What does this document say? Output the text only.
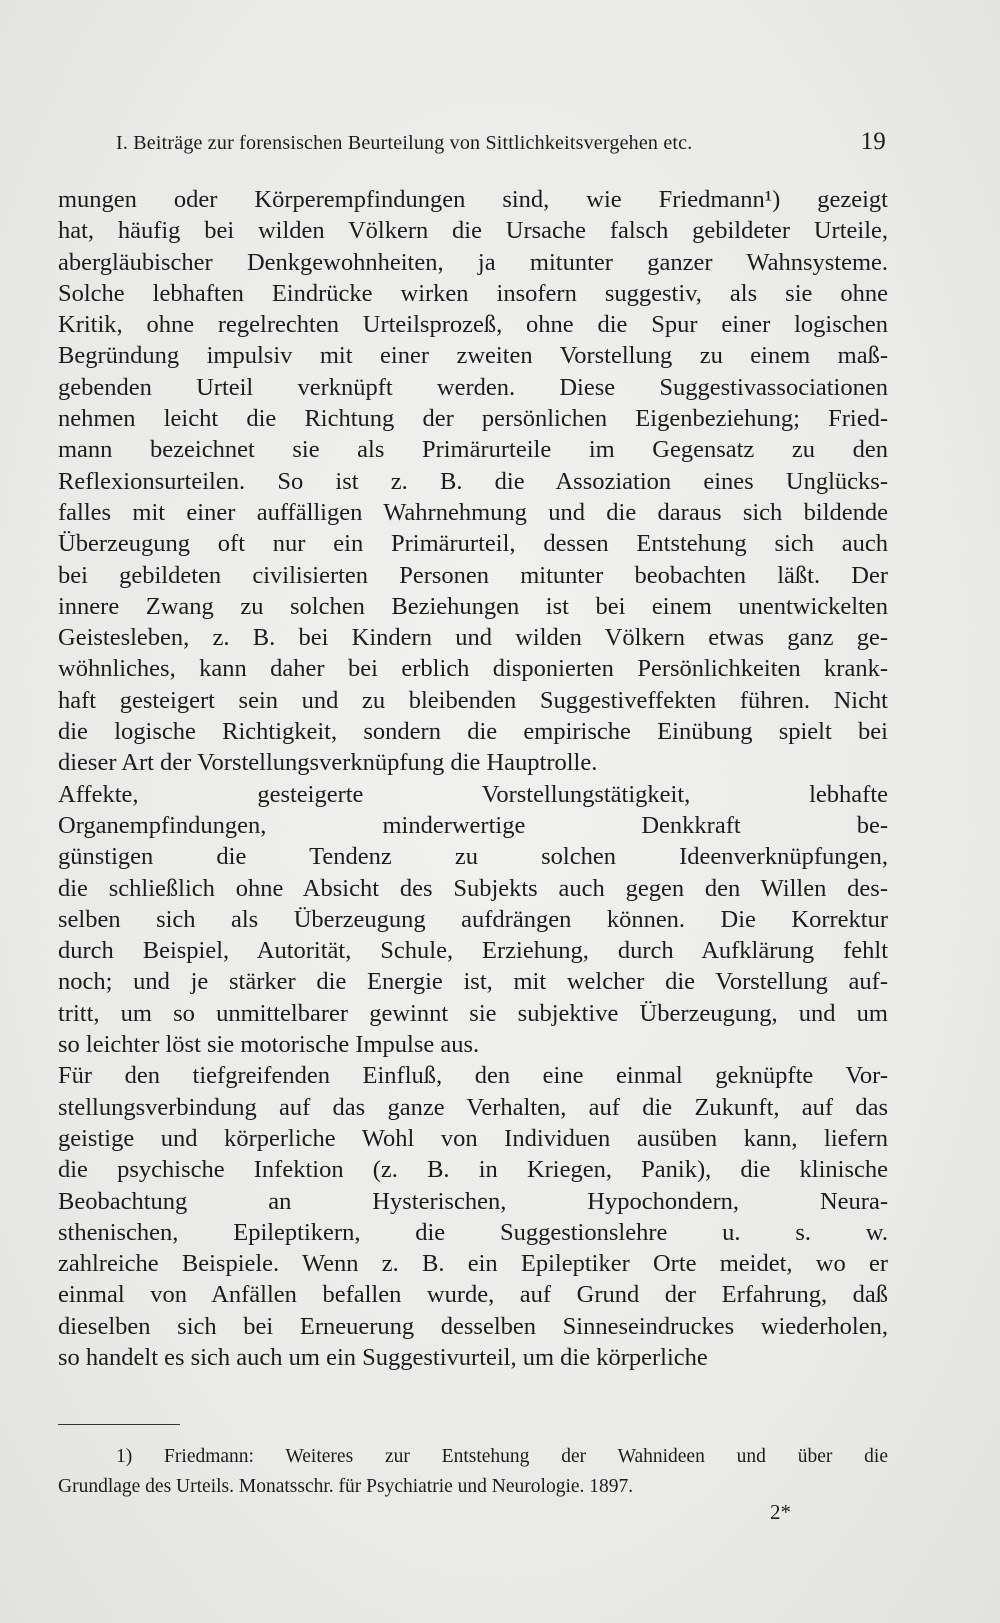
I. Beiträge zur forensischen Beurteilung von Sittlichkeitsvergehen etc.	19
mungen oder Körperempfindungen sind, wie Friedmann¹) gezeigt
hat, häufig bei wilden Völkern die Ursache falsch gebildeter Urteile,
abergläubischer Denkgewohnheiten, ja mitunter ganzer Wahnsysteme.
Solche lebhaften Eindrücke wirken insofern suggestiv, als sie ohne
Kritik, ohne regelrechten Urteilsprozeß, ohne die Spur einer logischen
Begründung impulsiv mit einer zweiten Vorstellung zu einem maß-
gebenden Urteil verknüpft werden. Diese Suggestivassociationen
nehmen leicht die Richtung der persönlichen Eigenbeziehung; Fried-
mann bezeichnet sie als Primärurteile im Gegensatz zu den
Reflexionsurteilen. So ist z. B. die Assoziation eines Unglücks-
falles mit einer auffälligen Wahrnehmung und die daraus sich bildende
Überzeugung oft nur ein Primärurteil, dessen Entstehung sich auch
bei gebildeten civilisierten Personen mitunter beobachten läßt. Der
innere Zwang zu solchen Beziehungen ist bei einem unentwickelten
Geistesleben, z. B. bei Kindern und wilden Völkern etwas ganz ge-
wöhnliches, kann daher bei erblich disponierten Persönlichkeiten krank-
haft gesteigert sein und zu bleibenden Suggestiveffekten führen. Nicht
die logische Richtigkeit, sondern die empirische Einübung spielt bei
dieser Art der Vorstellungsverknüpfung die Hauptrolle.
Affekte, gesteigerte Vorstellungstätigkeit, lebhafte
Organempfindungen, minderwertige Denkkraft be-
günstigen die Tendenz zu solchen Ideenverknüpfungen,
die schließlich ohne Absicht des Subjekts auch gegen den Willen des-
selben sich als Überzeugung aufdrängen können. Die Korrektur
durch Beispiel, Autorität, Schule, Erziehung, durch Aufklärung fehlt
noch; und je stärker die Energie ist, mit welcher die Vorstellung auf-
tritt, um so unmittelbarer gewinnt sie subjektive Überzeugung, und um
so leichter löst sie motorische Impulse aus.
Für den tiefgreifenden Einfluß, den eine einmal geknüpfte Vor-
stellungsverbindung auf das ganze Verhalten, auf die Zukunft, auf das
geistige und körperliche Wohl von Individuen ausüben kann, liefern
die psychische Infektion (z. B. in Kriegen, Panik), die klinische
Beobachtung an Hysterischen, Hypochondern, Neura-
sthenischen, Epileptikern, die Suggestionslehre u. s. w.
zahlreiche Beispiele. Wenn z. B. ein Epileptiker Orte meidet, wo er
einmal von Anfällen befallen wurde, auf Grund der Erfahrung, daß
dieselben sich bei Erneuerung desselben Sinneseindruckes wiederholen,
so handelt es sich auch um ein Suggestivurteil, um die körperliche
1) Friedmann: Weiteres zur Entstehung der Wahnideen und über die
Grundlage des Urteils. Monatsschr. für Psychiatrie und Neurologie. 1897.
2*
